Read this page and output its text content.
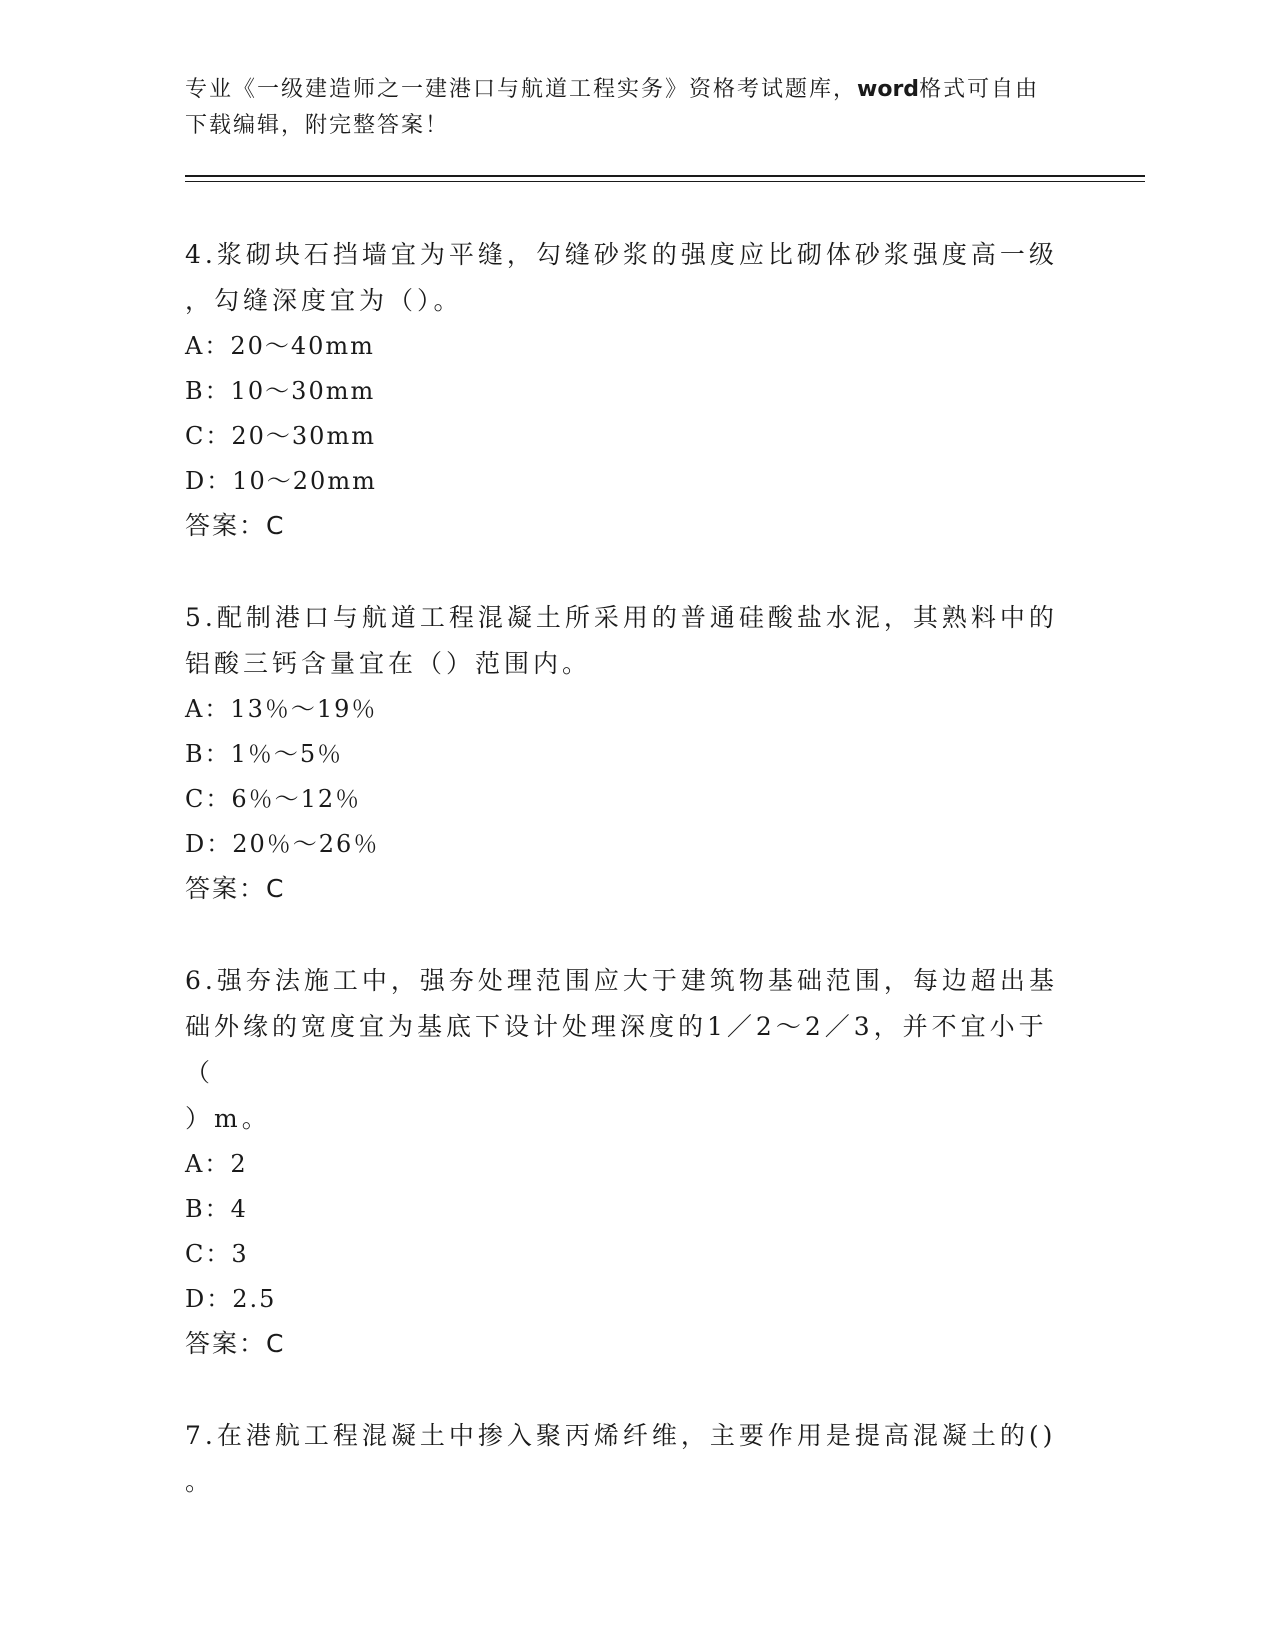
专业《一级建造师之一建港口与航道工程实务》资格考试题库，word格式可自由
下载编辑，附完整答案！

4.浆砌块石挡墙宜为平缝，勾缝砂浆的强度应比砌体砂浆强度高一级

，勾缝深度宜为（）。

A：20～40mm

B：10～30mm

C：20～30mm

D：10～20mm

答案：C

5.配制港口与航道工程混凝土所采用的普通硅酸盐水泥，其熟料中的

铝酸三钙含量宜在（）范围内。

A：13％～19％

B：1％～5％

C：6％～12％

D：20％～26％

答案：C

6.强夯法施工中，强夯处理范围应大于建筑物基础范围，每边超出基

础外缘的宽度宜为基底下设计处理深度的1／2～2／3，并不宜小于（

）m。

A：2

B：4

C：3

D：2.5

答案：C

7.在港航工程混凝土中掺入聚丙烯纤维，主要作用是提高混凝土的()

。
